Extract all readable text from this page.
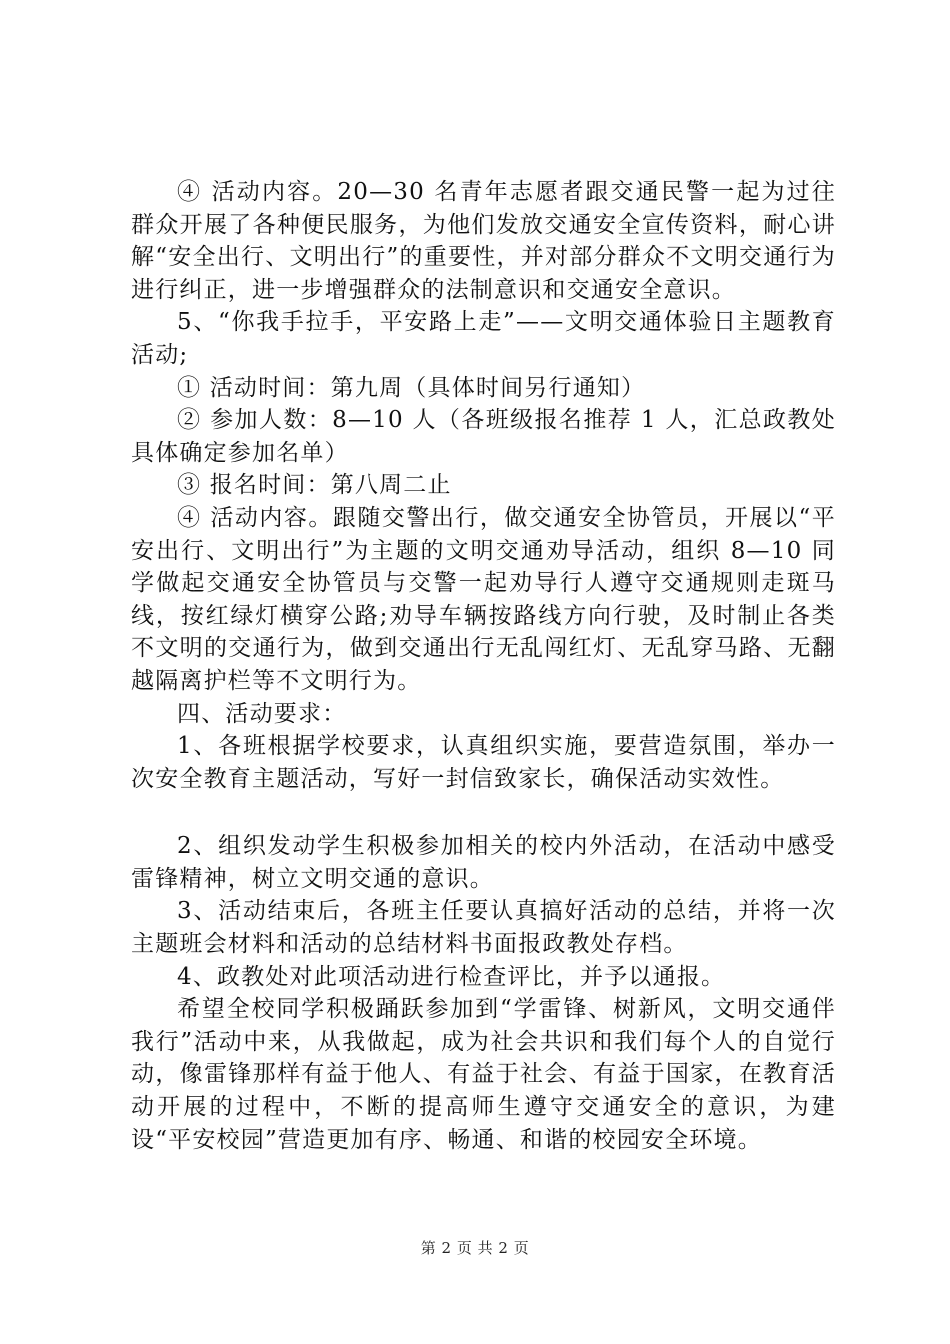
④ 活动内容。20—30 名青年志愿者跟交通民警一起为过往群众开展了各种便民服务，为他们发放交通安全宣传资料，耐心讲解“安全出行、文明出行”的重要性，并对部分群众不文明交通行为进行纠正，进一步增强群众的法制意识和交通安全意识。

5、“你我手拉手，平安路上走”——文明交通体验日主题教育活动;

① 活动时间：第九周（具体时间另行通知）

② 参加人数：8—10 人（各班级报名推荐 1 人，汇总政教处具体确定参加名单）

③ 报名时间：第八周二止

④ 活动内容。跟随交警出行，做交通安全协管员，开展以“平安出行、文明出行”为主题的文明交通劝导活动，组织 8—10 同学做起交通安全协管员与交警一起劝导行人遵守交通规则走斑马线，按红绿灯横穿公路;劝导车辆按路线方向行驶，及时制止各类不文明的交通行为，做到交通出行无乱闯红灯、无乱穿马路、无翻越隔离护栏等不文明行为。

四、活动要求：

1、各班根据学校要求，认真组织实施，要营造氛围，举办一次安全教育主题活动，写好一封信致家长，确保活动实效性。

2、组织发动学生积极参加相关的校内外活动，在活动中感受雷锋精神，树立文明交通的意识。

3、活动结束后，各班主任要认真搞好活动的总结，并将一次主题班会材料和活动的总结材料书面报政教处存档。

4、政教处对此项活动进行检查评比，并予以通报。

希望全校同学积极踊跃参加到“学雷锋、树新风，文明交通伴我行”活动中来，从我做起，成为社会共识和我们每个人的自觉行动，像雷锋那样有益于他人、有益于社会、有益于国家，在教育活动开展的过程中，不断的提高师生遵守交通安全的意识，为建设“平安校园”营造更加有序、畅通、和谐的校园安全环境。

第 2 页 共 2 页
